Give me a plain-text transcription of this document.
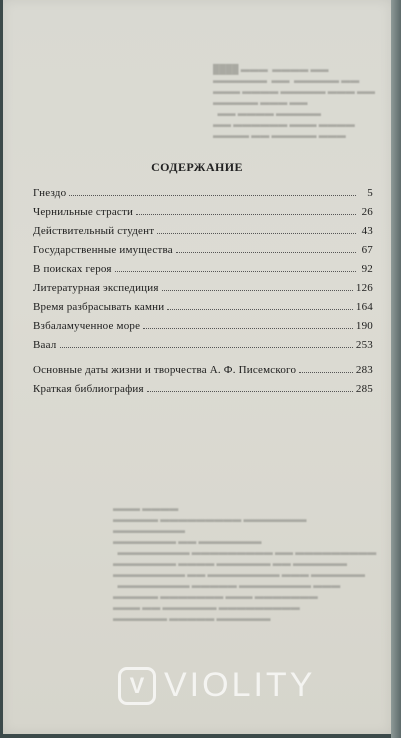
████ ▬▬▬  ▬▬▬▬ ▬▬
▬▬▬▬▬▬  ▬▬  ▬▬▬▬▬ ▬▬
▬▬▬ ▬▬▬▬ ▬▬▬▬▬ ▬▬▬ ▬▬
▬▬▬▬▬ ▬▬▬ ▬▬
▬▬ ▬▬▬▬ ▬▬▬▬▬
▬▬ ▬▬▬▬▬▬ ▬▬▬ ▬▬▬▬
▬▬▬▬ ▬▬ ▬▬▬▬▬ ▬▬▬
СОДЕРЖАНИЕ
Гнездо	5
Чернильные страсти	26
Действительный студент	43
Государственные имущества	67
В поисках героя	92
Литературная экспедиция	126
Время разбрасывать камни	164
Взбаламученное море	190
Ваал	253
Основные даты жизни и творчества А. Ф. Писемского	283
Краткая библиография	285
▬▬▬ ▬▬▬▬
▬▬▬▬▬ ▬▬▬▬▬▬▬▬▬ ▬▬▬▬▬▬▬
▬▬▬▬▬▬▬▬
▬▬▬▬▬▬▬ ▬▬ ▬▬▬▬▬▬▬
▬▬▬▬▬▬▬▬ ▬▬▬▬▬▬▬▬▬ ▬▬ ▬▬▬▬▬▬▬▬▬
▬▬▬▬▬▬▬ ▬▬▬▬ ▬▬▬▬▬▬ ▬▬ ▬▬▬▬▬▬
▬▬▬▬▬▬▬▬ ▬▬ ▬▬▬▬▬▬▬▬ ▬▬▬ ▬▬▬▬▬▬
▬▬▬▬▬▬▬▬ ▬▬▬▬▬ ▬▬▬▬▬▬▬▬ ▬▬▬
▬▬▬▬▬ ▬▬▬▬▬▬▬ ▬▬▬ ▬▬▬▬▬▬▬
▬▬▬ ▬▬ ▬▬▬▬▬▬ ▬▬▬▬▬▬▬▬▬
▬▬▬▬▬▬ ▬▬▬▬▬ ▬▬▬▬▬▬
V VIOLITY
